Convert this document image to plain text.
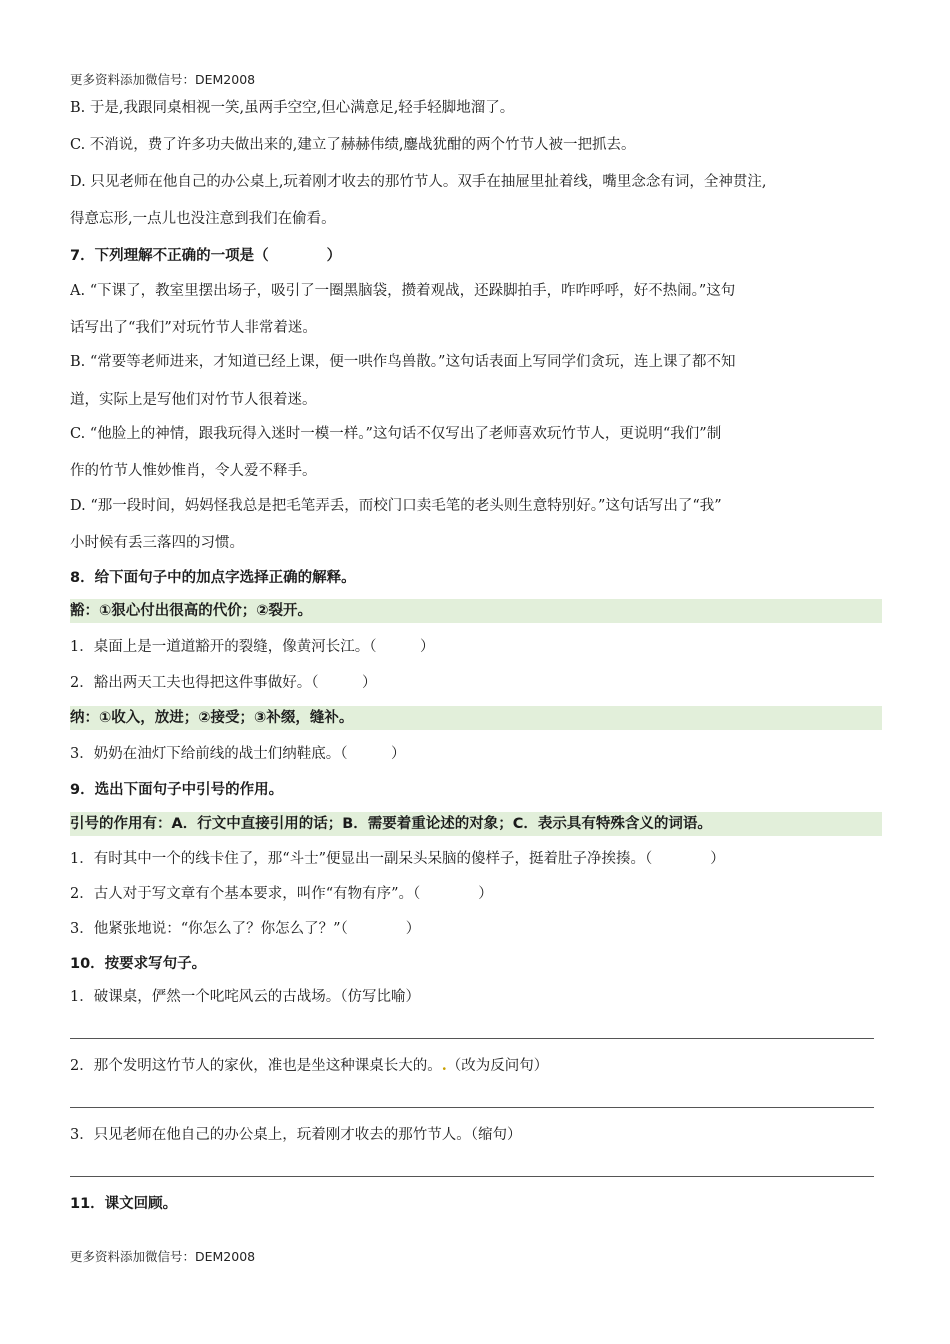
更多资料添加微信号：DEM2008
B. 于是,我跟同桌相视一笑,虽两手空空,但心满意足,轻手轻脚地溜了。
C. 不消说，费了许多功夫做出来的,建立了赫赫伟绩,鏖战犹酣的两个竹节人被一把抓去。
D. 只见老师在他自己的办公桌上,玩着刚才收去的那竹节人。双手在抽屉里扯着线，嘴里念念有词，全神贯注,
得意忘形,一点儿也没注意到我们在偷看。
7．下列理解不正确的一项是（　　　　）
A. “下课了，教室里摆出场子，吸引了一圈黑脑袋，攒着观战，还跺脚拍手，咋咋呼呼，好不热闹。”这句
话写出了“我们”对玩竹节人非常着迷。
B. “常要等老师进来，才知道已经上课，便一哄作鸟兽散。”这句话表面上写同学们贪玩，连上课了都不知
道，实际上是写他们对竹节人很着迷。
C. “他脸上的神情，跟我玩得入迷时一模一样。”这句话不仅写出了老师喜欢玩竹节人，更说明“我们”制
作的竹节人惟妙惟肖，令人爱不释手。
D. “那一段时间，妈妈怪我总是把毛笔弄丢，而校门口卖毛笔的老头则生意特别好。”这句话写出了“我”
小时候有丢三落四的习惯。
8．给下面句子中的加点字选择正确的解释。
豁：①狠心付出很高的代价；②裂开。
1．桌面上是一道道豁开的裂缝，像黄河长江。（　　　）
2．豁出两天工夫也得把这件事做好。（　　　）
纳：①收入，放进；②接受；③补缀，缝补。
3．奶奶在油灯下给前线的战士们纳鞋底。（　　　）
9．选出下面句子中引号的作用。
引号的作用有：A．行文中直接引用的话；B．需要着重论述的对象；C．表示具有特殊含义的词语。
1．有时其中一个的线卡住了，那“斗士”便显出一副呆头呆脑的傻样子，挺着肚子净挨揍。（　　　　）
2．古人对于写文章有个基本要求，叫作“有物有序”。（　　　　）
3．他紧张地说：“你怎么了？你怎么了？”（　　　　）
10．按要求写句子。
1．破课桌，俨然一个叱咤风云的古战场。（仿写比喻）
2．那个发明这竹节人的家伙，准也是坐这种课桌长大的。.（改为反问句）
3．只见老师在他自己的办公桌上，玩着刚才收去的那竹节人。（缩句）
11．课文回顾。
更多资料添加微信号：DEM2008
